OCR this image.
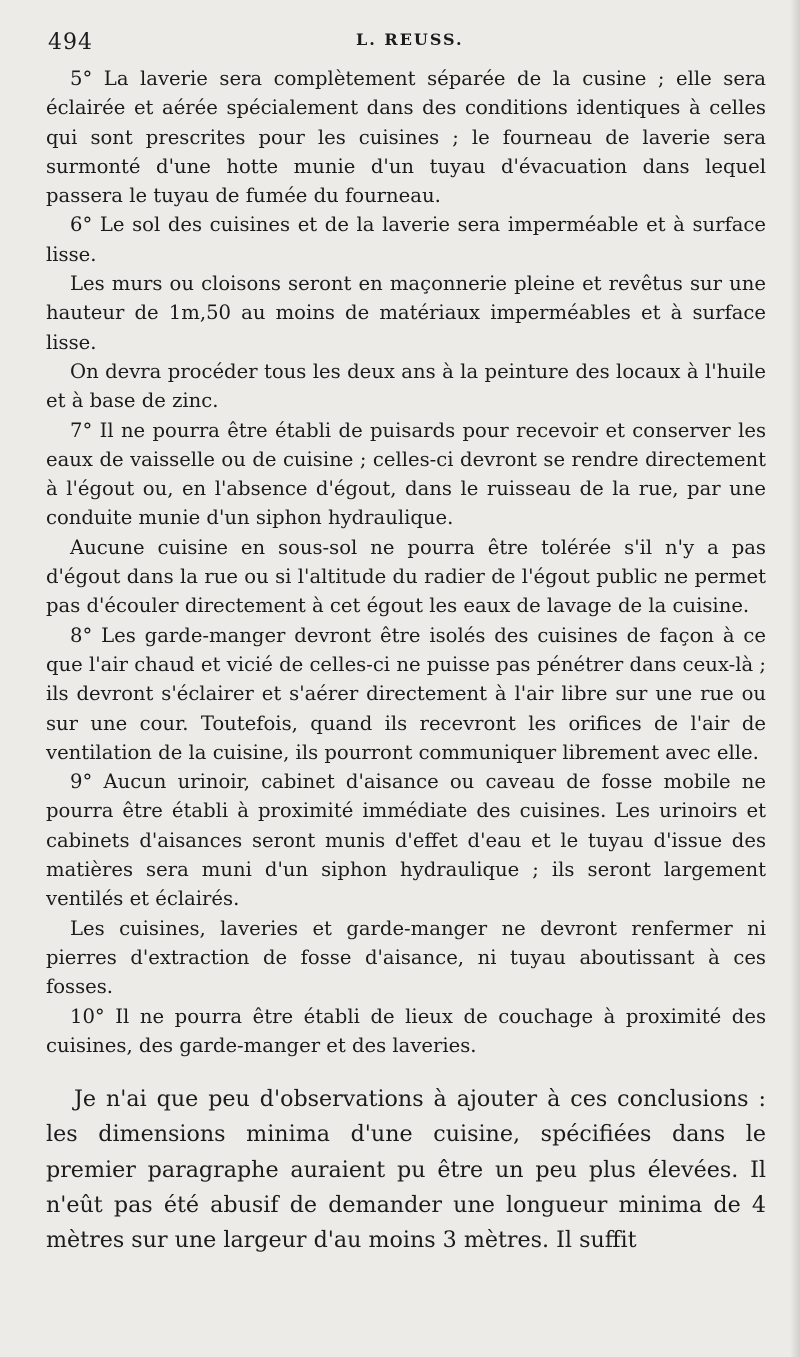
494	L. REUSS.

5° La laverie sera complètement séparée de la cusine ; elle sera éclairée et aérée spécialement dans des conditions identiques à celles qui sont prescrites pour les cuisines ; le fourneau de laverie sera surmonté d'une hotte munie d'un tuyau d'évacuation dans lequel passera le tuyau de fumée du fourneau.

6° Le sol des cuisines et de la laverie sera imperméable et à surface lisse.

Les murs ou cloisons seront en maçonnerie pleine et revêtus sur une hauteur de 1m,50 au moins de matériaux imperméables et à surface lisse.

On devra procéder tous les deux ans à la peinture des locaux à l'huile et à base de zinc.

7° Il ne pourra être établi de puisards pour recevoir et conserver les eaux de vaisselle ou de cuisine ; celles-ci devront se rendre directement à l'égout ou, en l'absence d'égout, dans le ruisseau de la rue, par une conduite munie d'un siphon hydraulique.

Aucune cuisine en sous-sol ne pourra être tolérée s'il n'y a pas d'égout dans la rue ou si l'altitude du radier de l'égout public ne permet pas d'écouler directement à cet égout les eaux de lavage de la cuisine.

8° Les garde-manger devront être isolés des cuisines de façon à ce que l'air chaud et vicié de celles-ci ne puisse pas pénétrer dans ceux-là ; ils devront s'éclairer et s'aérer directement à l'air libre sur une rue ou sur une cour. Toutefois, quand ils recevront les orifices de l'air de ventilation de la cuisine, ils pourront communiquer librement avec elle.

9° Aucun urinoir, cabinet d'aisance ou caveau de fosse mobile ne pourra être établi à proximité immédiate des cuisines. Les urinoirs et cabinets d'aisances seront munis d'effet d'eau et le tuyau d'issue des matières sera muni d'un siphon hydraulique ; ils seront largement ventilés et éclairés.

Les cuisines, laveries et garde-manger ne devront renfermer ni pierres d'extraction de fosse d'aisance, ni tuyau aboutissant à ces fosses.

10° Il ne pourra être établi de lieux de couchage à proximité des cuisines, des garde-manger et des laveries.

Je n'ai que peu d'observations à ajouter à ces conclusions : les dimensions minima d'une cuisine, spécifiées dans le premier paragraphe auraient pu être un peu plus élevées. Il n'eût pas été abusif de demander une longueur minima de 4 mètres sur une largeur d'au moins 3 mètres. Il suffit
